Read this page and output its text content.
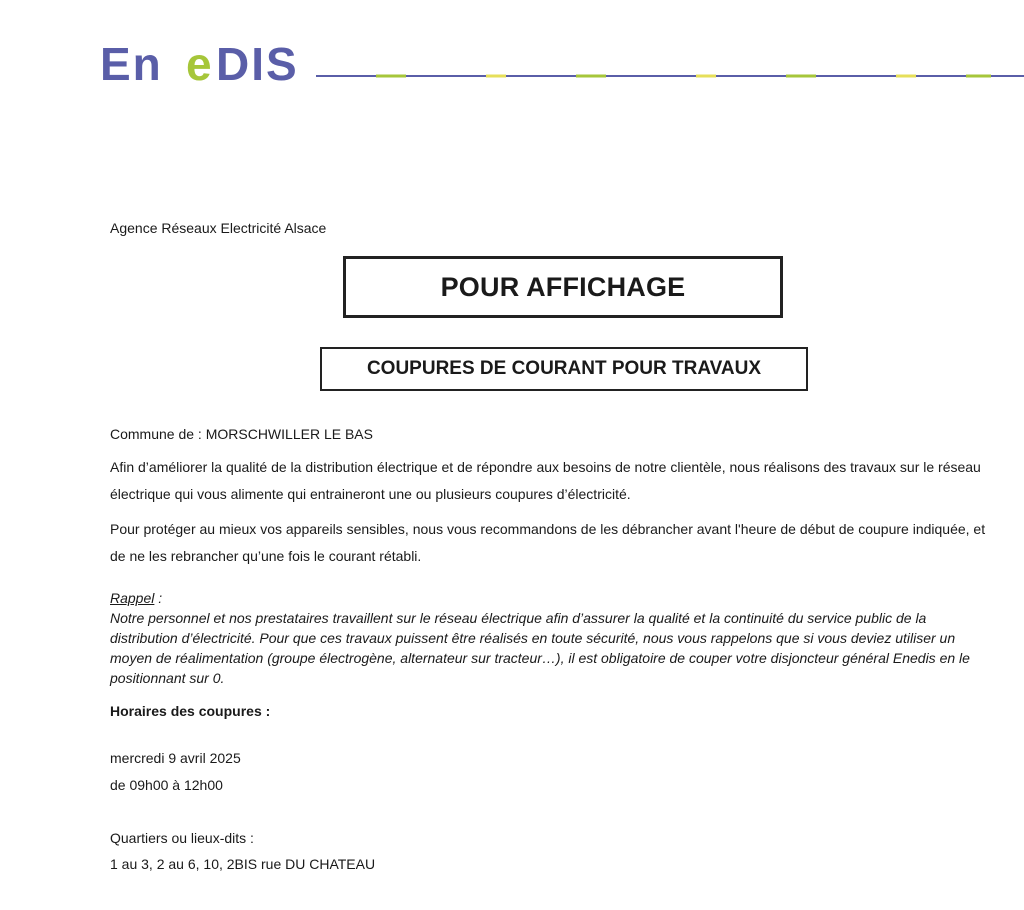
En e DIS
Agence Réseaux Electricité Alsace
POUR AFFICHAGE
COUPURES DE COURANT POUR TRAVAUX
Commune de : MORSCHWILLER LE BAS
Afin d’améliorer la qualité de la distribution électrique et de répondre aux besoins de notre clientèle, nous réalisons des travaux sur le réseau électrique qui vous alimente qui entraineront une ou plusieurs coupures d’électricité.
Pour protéger au mieux vos appareils sensibles, nous vous recommandons de les débrancher avant l'heure de début de coupure indiquée, et de ne les rebrancher qu’une fois le courant rétabli.
Rappel :
Notre personnel et nos prestataires travaillent sur le réseau électrique afin d’assurer la qualité et la continuité du service public de la distribution d’électricité. Pour que ces travaux puissent être réalisés en toute sécurité, nous vous rappelons que si vous deviez utiliser un moyen de réalimentation (groupe électrogène, alternateur sur tracteur…), il est obligatoire de couper votre disjoncteur général Enedis en le positionnant sur 0.
Horaires des coupures :
mercredi 9 avril 2025
de 09h00 à 12h00
Quartiers ou lieux-dits :
1 au 3, 2 au 6, 10, 2BIS rue DU CHATEAU
